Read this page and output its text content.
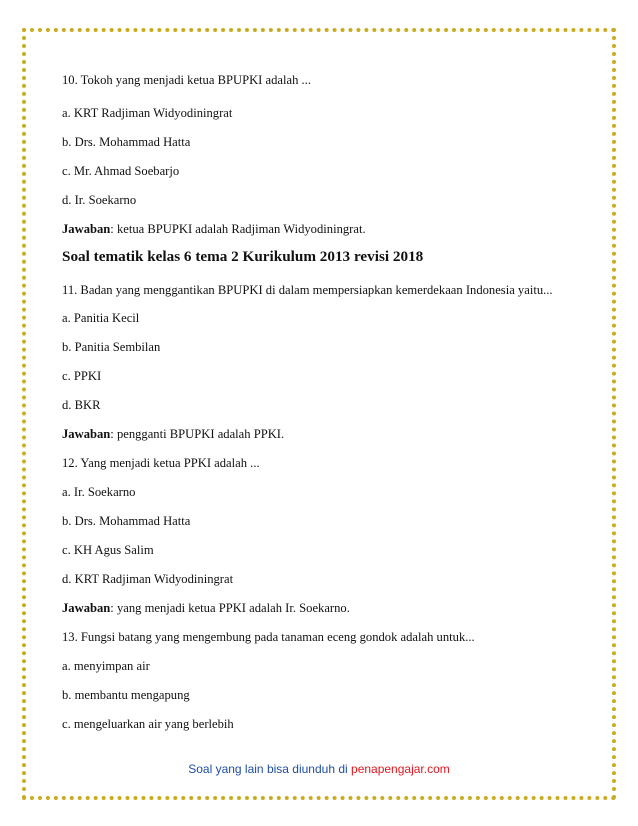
10. Tokoh yang menjadi ketua BPUPKI adalah ...
a. KRT Radjiman Widyodiningrat
b. Drs. Mohammad Hatta
c. Mr. Ahmad Soebarjo
d. Ir. Soekarno
Jawaban: ketua BPUPKI adalah Radjiman Widyodiningrat.
Soal tematik kelas 6 tema 2 Kurikulum 2013 revisi 2018
11. Badan yang menggantikan BPUPKI di dalam mempersiapkan kemerdekaan Indonesia yaitu...
a. Panitia Kecil
b. Panitia Sembilan
c. PPKI
d. BKR
Jawaban: pengganti BPUPKI adalah PPKI.
12. Yang menjadi ketua PPKI adalah ...
a. Ir. Soekarno
b. Drs. Mohammad Hatta
c. KH Agus Salim
d. KRT Radjiman Widyodiningrat
Jawaban: yang menjadi ketua PPKI adalah Ir. Soekarno.
13. Fungsi batang yang mengembung pada tanaman eceng gondok adalah untuk...
a. menyimpan air
b. membantu mengapung
c. mengeluarkan air yang berlebih
Soal yang lain bisa diunduh di penapengajar.com
